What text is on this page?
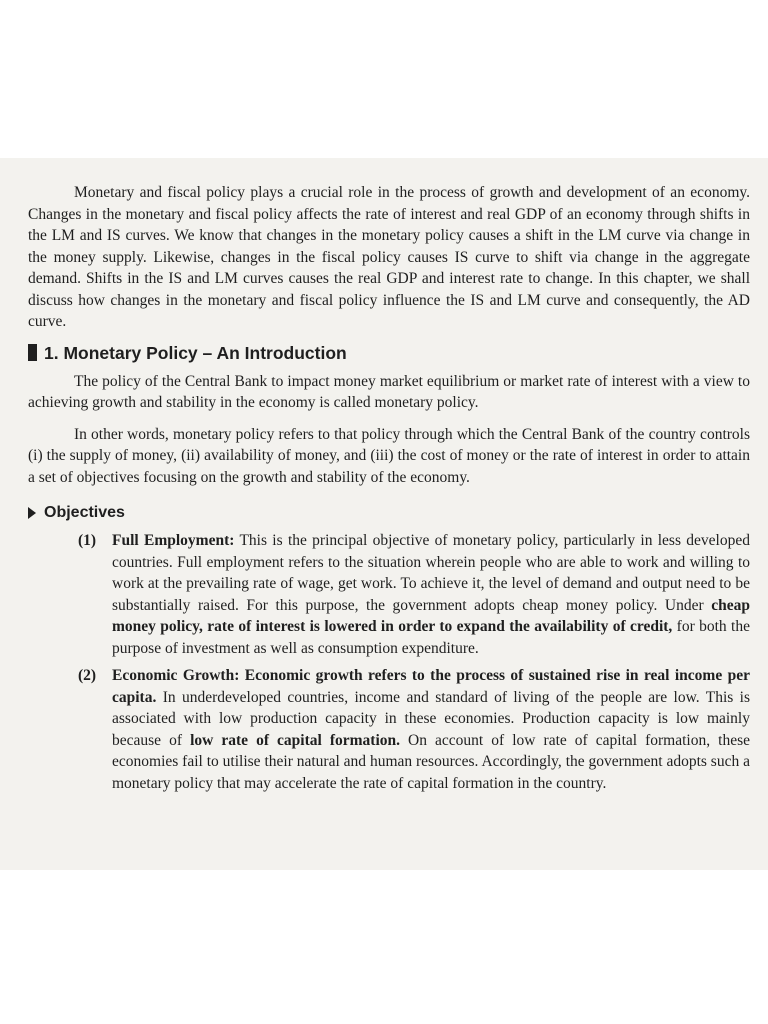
Monetary and fiscal policy plays a crucial role in the process of growth and development of an economy. Changes in the monetary and fiscal policy affects the rate of interest and real GDP of an economy through shifts in the LM and IS curves. We know that changes in the monetary policy causes a shift in the LM curve via change in the money supply. Likewise, changes in the fiscal policy causes IS curve to shift via change in the aggregate demand. Shifts in the IS and LM curves causes the real GDP and interest rate to change. In this chapter, we shall discuss how changes in the monetary and fiscal policy influence the IS and LM curve and consequently, the AD curve.

1. Monetary Policy – An Introduction

The policy of the Central Bank to impact money market equilibrium or market rate of interest with a view to achieving growth and stability in the economy is called monetary policy.

In other words, monetary policy refers to that policy through which the Central Bank of the country controls (i) the supply of money, (ii) availability of money, and (iii) the cost of money or the rate of interest in order to attain a set of objectives focusing on the growth and stability of the economy.

Objectives
(1)	Full Employment: This is the principal objective of monetary policy, particularly in less developed countries. Full employment refers to the situation wherein people who are able to work and willing to work at the prevailing rate of wage, get work. To achieve it, the level of demand and output need to be substantially raised. For this purpose, the government adopts cheap money policy. Under cheap money policy, rate of interest is lowered in order to expand the availability of credit, for both the purpose of investment as well as consumption expenditure.

(2)	Economic Growth: Economic growth refers to the process of sustained rise in real income per capita. In underdeveloped countries, income and standard of living of the people are low. This is associated with low production capacity in these economies. Production capacity is low mainly because of low rate of capital formation. On account of low rate of capital formation, these economies fail to utilise their natural and human resources. Accordingly, the government adopts such a monetary policy that may accelerate the rate of capital formation in the country.
